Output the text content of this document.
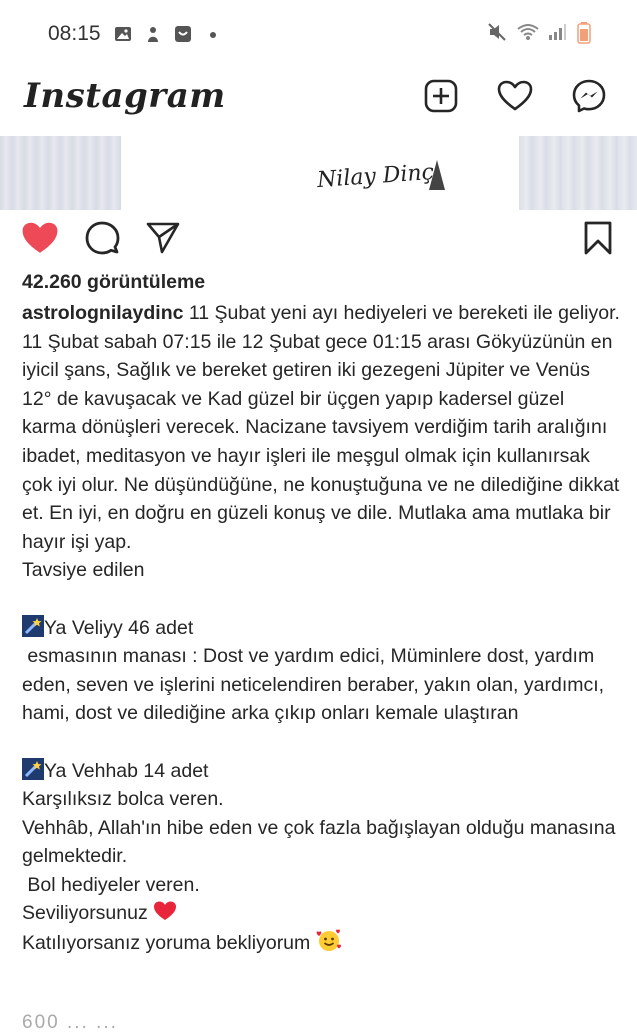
08:15
Instagram
Nilay Dinç
42.260 görüntüleme

astrolognilaydinc 11 Şubat yeni ayı hediyeleri ve bereketi ile geliyor. 11 Şubat sabah 07:15 ile 12 Şubat gece 01:15 arası Gökyüzünün en iyicil şans, Sağlık ve bereket getiren iki gezegeni Jüpiter ve Venüs 12° de kavuşacak ve Kad güzel bir üçgen yapıp kadersel güzel karma dönüşleri verecek. Nacizane tavsiyem verdiğim tarih aralığını ibadet, meditasyon ve hayır işleri ile meşgul olmak için kullanırsak çok iyi olur. Ne düşündüğüne, ne konuştuğuna ve ne dilediğine dikkat et. En iyi, en doğru en güzeli konuş ve dile. Mutlaka ama mutlaka bir hayır işi yap.

Tavsiye edilen

Ya Veliyy 46 adet

esmasının manası : Dost ve yardım edici, Müminlere dost, yardım eden, seven ve işlerini neticelendiren beraber, yakın olan, yardımcı, hami, dost ve dilediğine arka çıkıp onları kemale ulaştıran

Ya Vehhab 14 adet

Karşılıksız bolca veren.

Vehhâb, Allah'ın hibe eden ve çok fazla bağışlayan olduğu manasına gelmektedir.

Bol hediyeler veren.

Seviliyorsunuz

Katılıyorsanız yoruma bekliyorum

600 ... ...
